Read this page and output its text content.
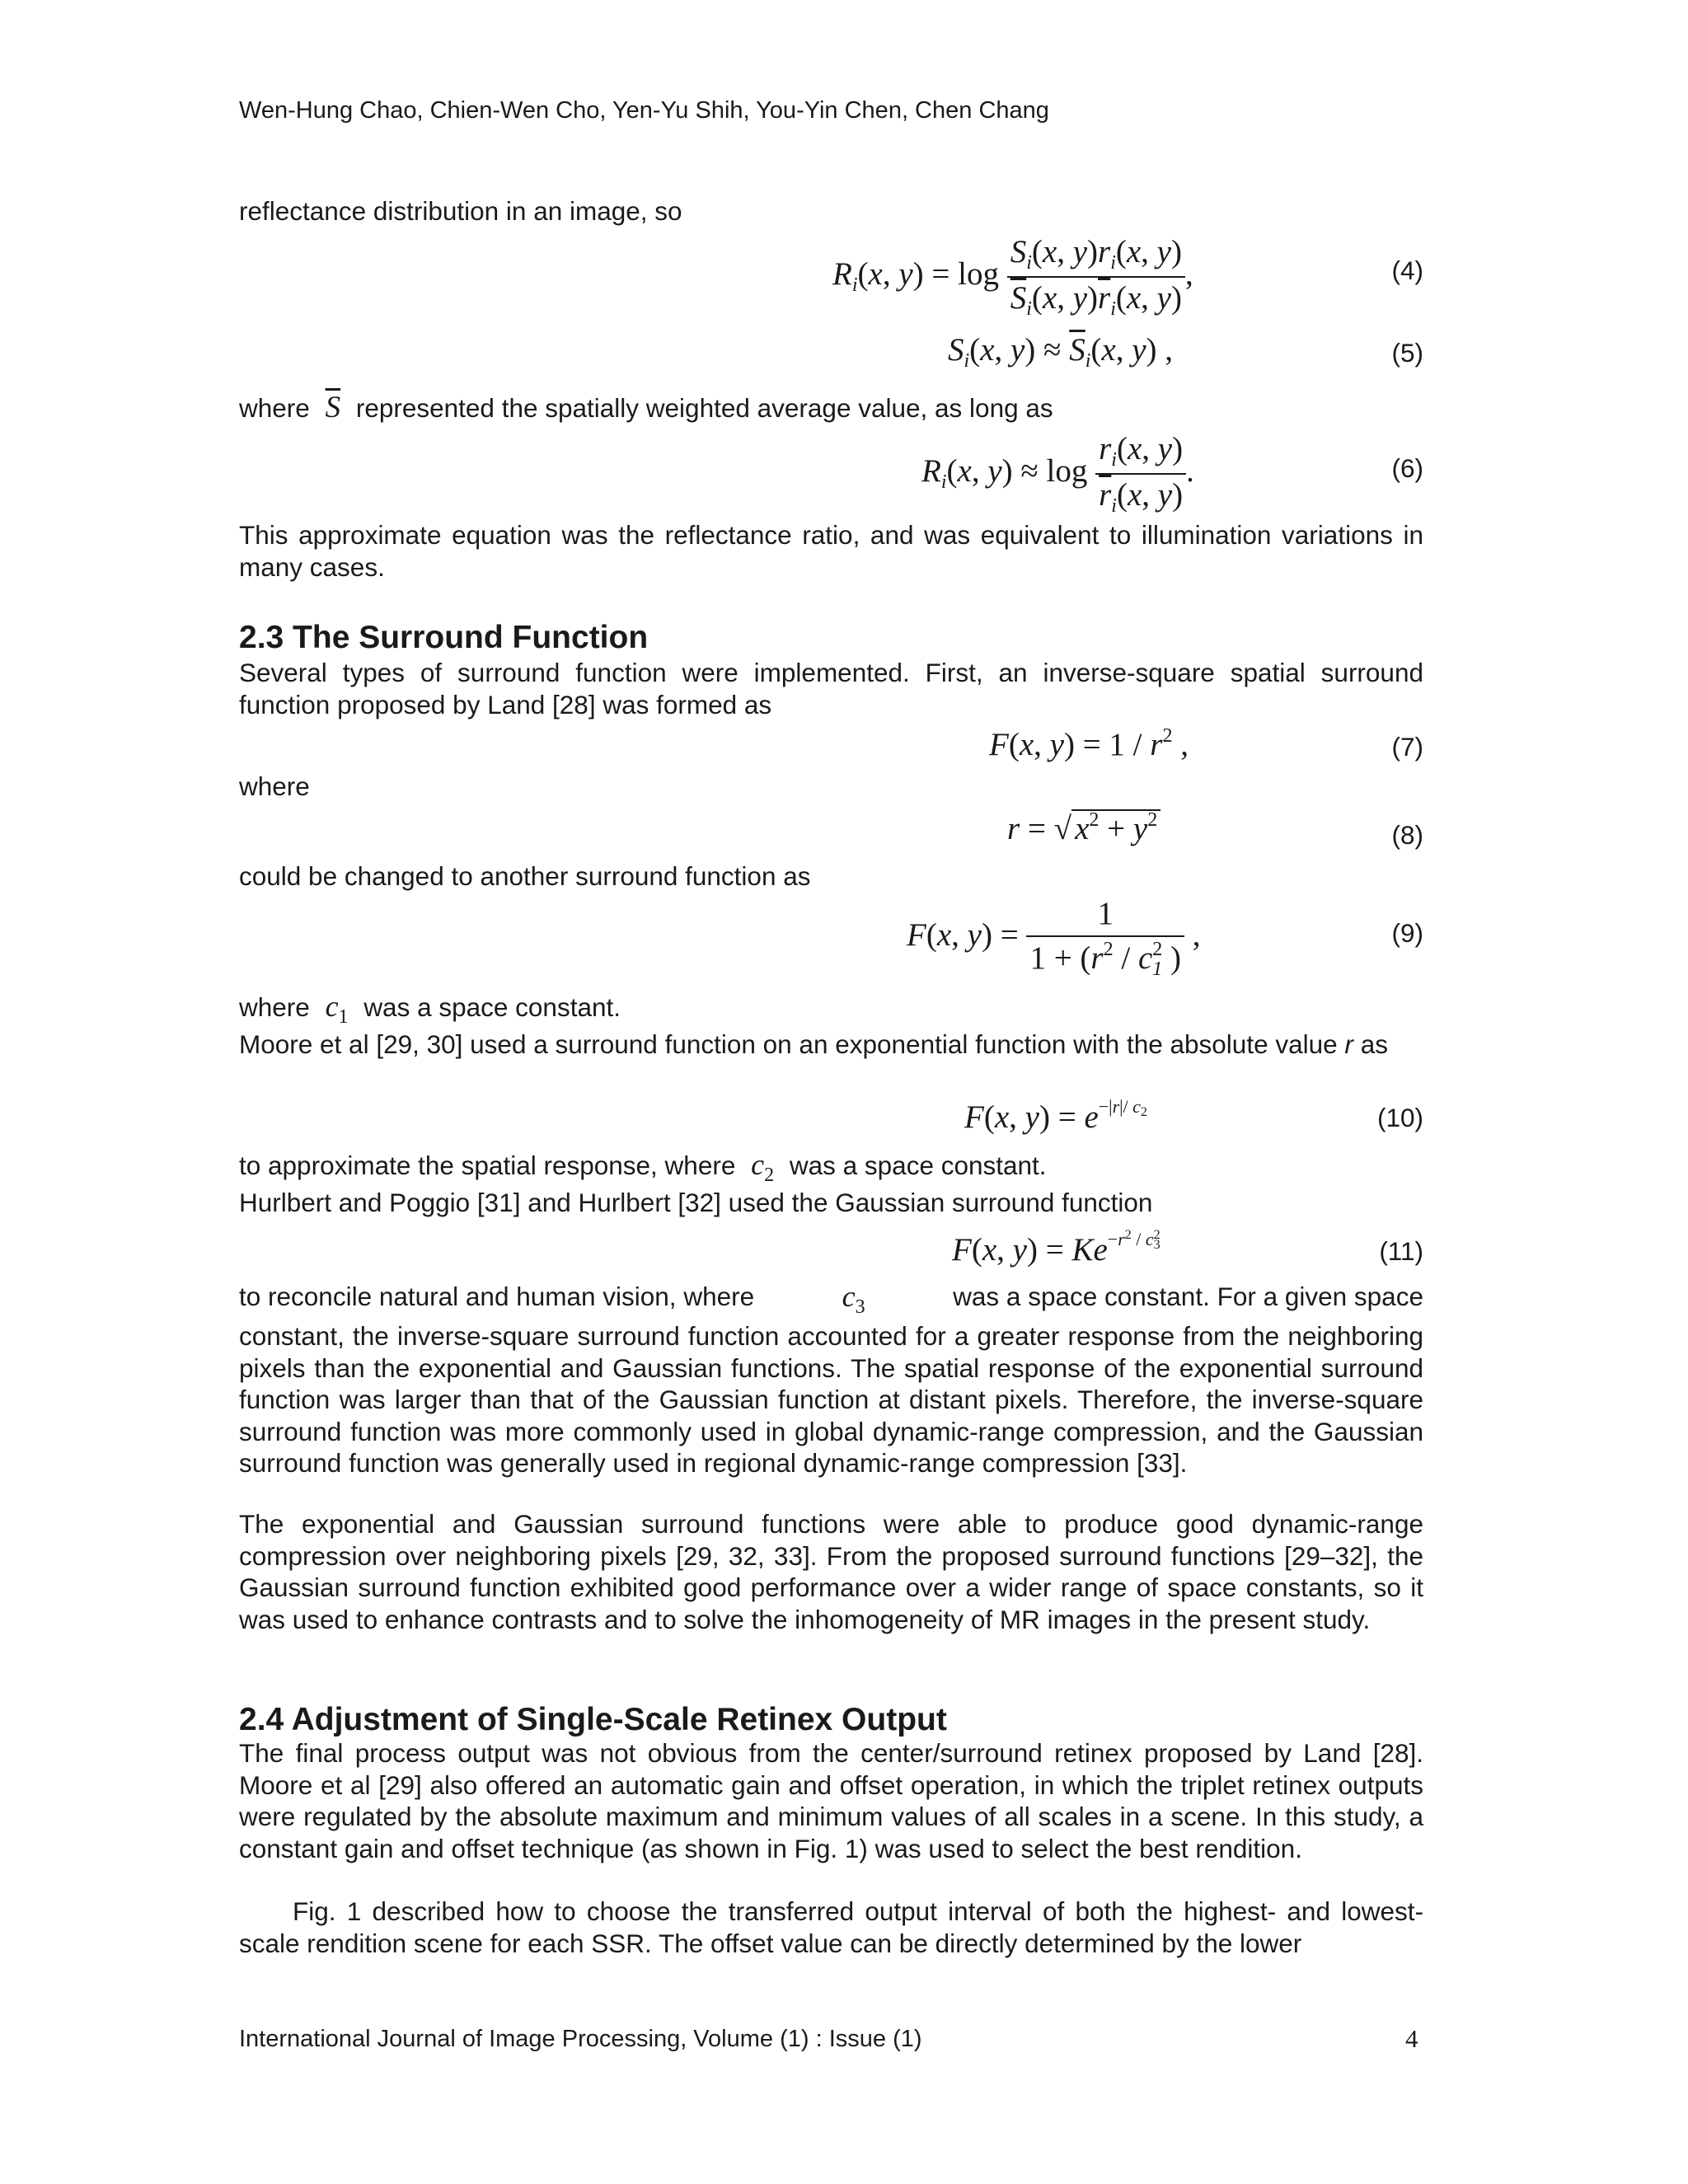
Wen-Hung Chao, Chien-Wen Cho, Yen-Yu Shih, You-Yin Chen, Chen Chang
reflectance distribution in an image, so
$R_i(x$, $y) = \log \frac{S_i(x, y)r_i(x, y)}{\overline{S}_i(x, y)\overline{r}_i(x, y)}$ ,	(4)
$S_i(x$, $y) \approx \overline{S}_i(x$, y) ,	(5)
where $\overline{S}$ represented the spatially weighted average value, as long as
$R_i(x$, $y) \approx \log \frac{r_i(x, y)}{\overline{r}_i(x, y)}$ .	(6)
This approximate equation was the reflectance ratio, and was equivalent to illumination variations in many cases.
2.3 The Surround Function
Several types of surround function were implemented. First, an inverse-square spatial surround function proposed by Land [28] was formed as
F(x, $y) = 1 / r^2$ ,	(7)
where
r = √ $x^2 + y^2$	(8)
could be changed to another surround function as
F(x, $y) = \frac{1}{1 + (r^2 / c^2_1 )}$ ,	(9)
where $c_1$ was a space constant.
Moore et al [29, 30] used a surround function on an exponential function with the absolute value r as
F(x, $y) = e^{-|r|/ c2}$	(10)
to approximate the spatial response, where $c_2$ was a space constant.
Hurlbert and Poggio [31] and Hurlbert [32] used the Gaussian surround function
F(x, $y) = Ke^{-r^2 / c^23}$	(11)
to reconcile natural and human vision, where	$c_3$	was a space constant. For a given space
constant, the inverse-square surround function accounted for a greater response from the neighboring pixels than the exponential and Gaussian functions. The spatial response of the exponential surround function was larger than that of the Gaussian function at distant pixels. Therefore, the inverse-square surround function was more commonly used in global dynamic-range compression, and the Gaussian surround function was generally used in regional dynamic-range compression [33].
The exponential and Gaussian surround functions were able to produce good dynamic-range compression over neighboring pixels [29, 32, 33]. From the proposed surround functions [29–32], the Gaussian surround function exhibited good performance over a wider range of space constants, so it was used to enhance contrasts and to solve the inhomogeneity of MR images in the present study.
2.4 Adjustment of Single-Scale Retinex Output
The final process output was not obvious from the center/surround retinex proposed by Land [28]. Moore et al [29] also offered an automatic gain and offset operation, in which the triplet retinex outputs were regulated by the absolute maximum and minimum values of all scales in a scene. In this study, a constant gain and offset technique (as shown in Fig. 1) was used to select the best rendition.
Fig. 1 described how to choose the transferred output interval of both the highest- and lowest-scale rendition scene for each SSR. The offset value can be directly determined by the lower
International Journal of Image Processing, Volume (1) : Issue (1)	4
